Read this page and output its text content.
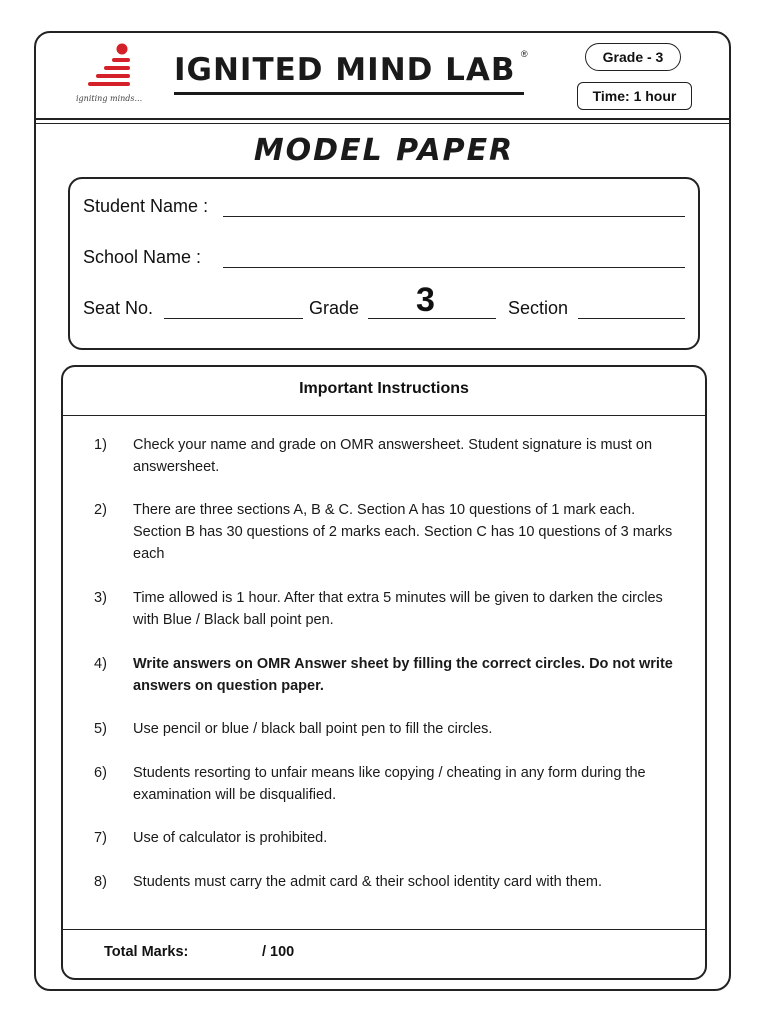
igniting minds...
IGNITED MIND LAB ®	Grade - 3
Time: 1 hour
MODEL PAPER
Student Name :
School Name :
Seat No.	Grade 3	Section
Important Instructions
1)	Check your name and grade on OMR answersheet. Student signature is must on answersheet.
2)	There are three sections A, B & C. Section A has 10 questions of 1 mark each. Section B has 30 questions of 2 marks each. Section C has 10 questions of 3 marks each
3)	Time allowed is 1 hour. After that extra 5 minutes will be given to darken the circles with Blue / Black ball point pen.
4)	Write answers on OMR Answer sheet by filling the correct circles. Do not write answers on question paper.
5)	Use pencil or blue / black ball point pen to fill the circles.
6)	Students resorting to unfair means like copying / cheating in any form during the examination will be disqualified.
7)	Use of calculator is prohibited.
8)	Students must carry the admit card & their school identity card with them.
Total Marks:	/ 100
